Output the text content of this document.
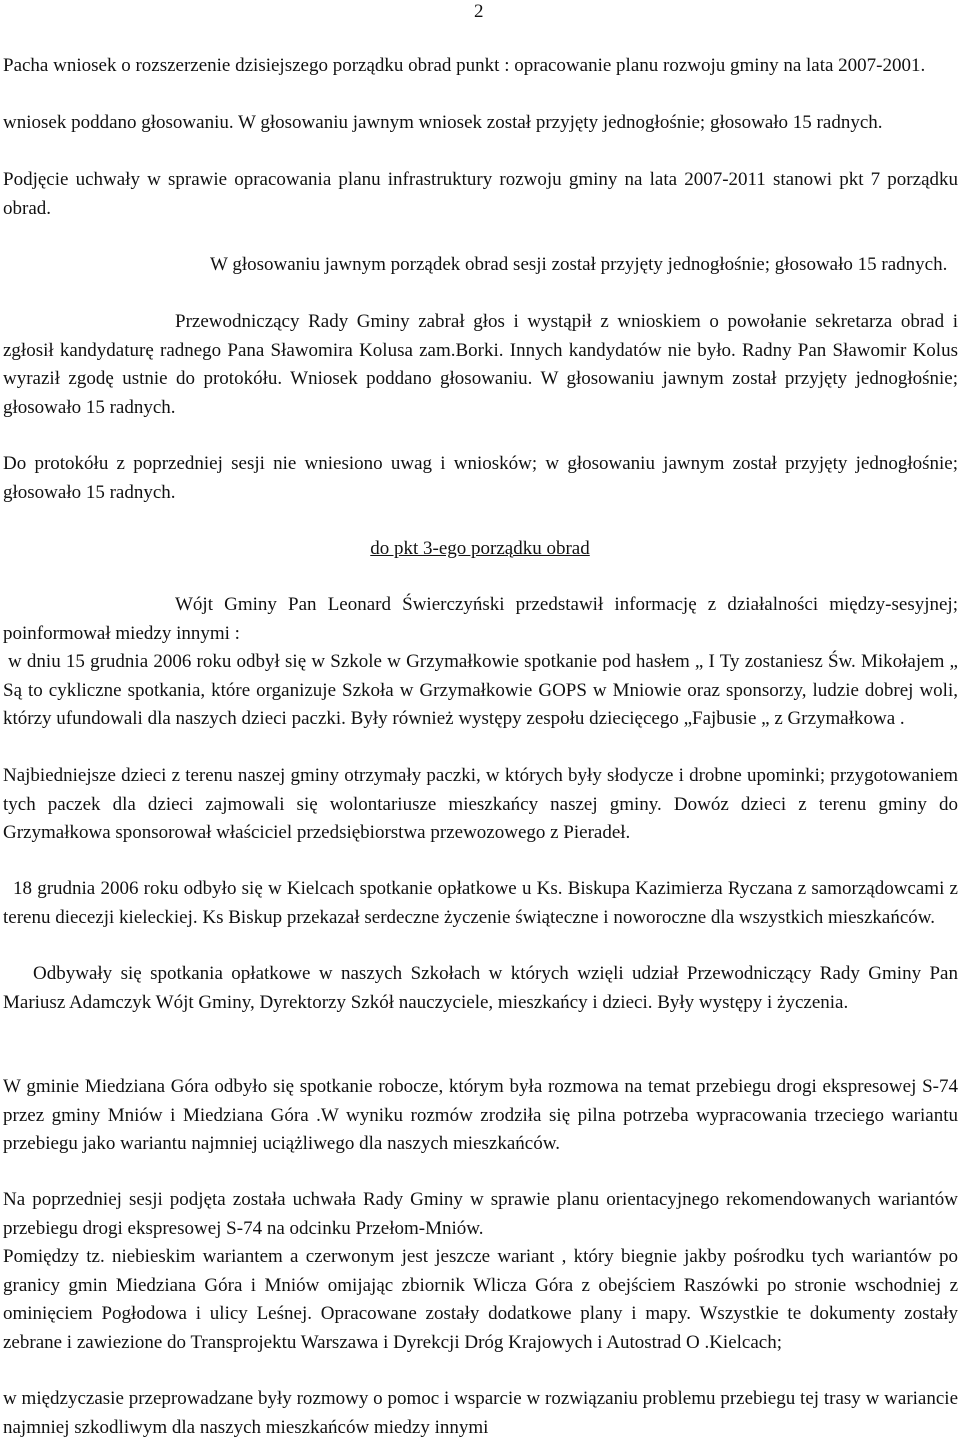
2

Pacha wniosek o rozszerzenie dzisiejszego porządku obrad punkt : opracowanie planu rozwoju gminy na lata 2007-2001.

wniosek poddano głosowaniu. W głosowaniu jawnym wniosek został przyjęty jednogłośnie; głosowało 15 radnych.

Podjęcie uchwały w sprawie opracowania planu infrastruktury rozwoju gminy na lata 2007-2011 stanowi pkt 7 porządku obrad.

W głosowaniu jawnym porządek obrad sesji został przyjęty jednogłośnie; głosowało 15 radnych.

Przewodniczący Rady Gminy zabrał głos i wystąpił z wnioskiem o powołanie sekretarza obrad i zgłosił kandydaturę radnego Pana Sławomira Kolusa zam.Borki. Innych kandydatów nie było. Radny Pan Sławomir Kolus wyraził zgodę ustnie do protokółu. Wniosek poddano głosowaniu. W głosowaniu jawnym został przyjęty jednogłośnie; głosowało 15 radnych.

Do protokółu z poprzedniej sesji nie wniesiono uwag i wniosków; w głosowaniu jawnym został przyjęty jednogłośnie; głosowało 15 radnych.

do pkt 3-ego porządku obrad

Wójt Gminy Pan Leonard Świerczyński przedstawił informację z działalności między-sesyjnej; poinformował miedzy innymi :

w dniu 15 grudnia 2006 roku odbył się w Szkole w Grzymałkowie spotkanie pod hasłem „ I Ty zostaniesz Św. Mikołajem „ Są to cykliczne spotkania, które organizuje Szkoła w Grzymałkowie GOPS w Mniowie oraz sponsorzy, ludzie dobrej woli, którzy ufundowali dla naszych dzieci paczki. Były również występy zespołu dziecięcego „Fajbusie „ z Grzymałkowa .

Najbiedniejsze dzieci z terenu naszej gminy otrzymały paczki, w których były słodycze i drobne upominki; przygotowaniem tych paczek dla dzieci zajmowali się wolontariusze mieszkańcy naszej gminy. Dowóz dzieci z terenu gminy do Grzymałkowa sponsorował właściciel przedsiębiorstwa przewozowego z Pieradeł.

18 grudnia 2006 roku odbyło się w Kielcach spotkanie opłatkowe u Ks. Biskupa Kazimierza Ryczana z samorządowcami z terenu diecezji kieleckiej. Ks Biskup przekazał serdeczne życzenie świąteczne i noworoczne dla wszystkich mieszkańców.

Odbywały się spotkania opłatkowe w naszych Szkołach w których wzięli udział Przewodniczący Rady Gminy Pan Mariusz Adamczyk Wójt Gminy, Dyrektorzy Szkół nauczyciele, mieszkańcy i dzieci. Były występy i życzenia.

W gminie Miedziana Góra odbyło się spotkanie robocze, którym była rozmowa na temat przebiegu drogi ekspresowej S-74 przez gminy Mniów i Miedziana Góra .W wyniku rozmów zrodziła się pilna potrzeba wypracowania trzeciego wariantu przebiegu jako wariantu najmniej uciążliwego dla naszych mieszkańców.

Na poprzedniej sesji podjęta została uchwała Rady Gminy w sprawie planu orientacyjnego rekomendowanych wariantów przebiegu drogi ekspresowej S-74 na odcinku Przełom-Mniów.

Pomiędzy tz. niebieskim wariantem a czerwonym jest jeszcze wariant , który biegnie jakby pośrodku tych wariantów po granicy gmin Miedziana Góra i Mniów omijając zbiornik Wlicza Góra z obejściem Raszówki po stronie wschodniej z ominięciem Pogłodowa i ulicy Leśnej. Opracowane zostały dodatkowe plany i mapy. Wszystkie te dokumenty zostały zebrane i zawiezione do Transprojektu Warszawa i Dyrekcji Dróg Krajowych i Autostrad O .Kielcach;

w międzyczasie przeprowadzane były rozmowy o pomoc i wsparcie w rozwiązaniu problemu przebiegu tej trasy w wariancie najmniej szkodliwym dla naszych mieszkańców miedzy innymi
